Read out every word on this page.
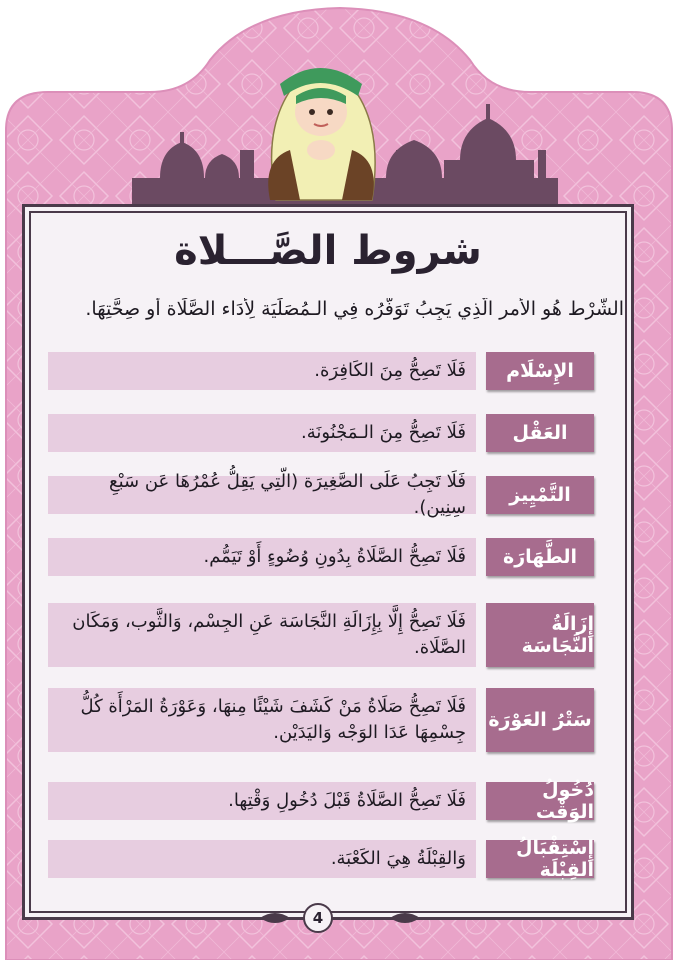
شروط الصَّـــلاة
الشَّرْط هُو الأَمر الّذِي يَجِبُ تَوَفُّرُه فِي الـمُصَلِّيَة لِأَدَاء الصَّلَاة أو صِحَّتِهَا.
الإِسْلَام
فَلَا تَصِحُّ مِنَ الكَافِرَة.
العَقْل
فَلَا تَصِحُّ مِنَ الـمَجْنُونَة.
التَّمْيِيز
فَلَا تَجِبُ عَلَى الصَّغِيرَة (الّتِي يَقِلُّ عُمْرُهَا عَن سَبْعِ سِنِين).
الطَّهَارَة
فَلَا تَصِحُّ الصَّلَاةُ بِدُونِ وُضُوءٍ أَوْ تَيَمُّم.
إِزَالَةُ النَّجَاسَة
فَلَا تَصِحُّ إِلَّا بِإِزَالَةِ النَّجَاسَة عَنِ الجِسْم، وَالثَّوب، وَمَكَان الصَّلَاة.
سَتْرُ العَوْرَة
فَلَا تَصِحُّ صَلَاةُ مَنْ كَشَفَ شَيْئًا مِنهَا، وَعَوْرَةُ المَرْأَة كُلُّ جِسْمِهَا عَدَا الوَجْه وَاليَدَيْن.
دُخُولُ الوَقْت
فَلَا تَصِحُّ الصَّلَاةُ قَبْلَ دُخُولِ وَقْتِها.
إِسْتِقْبَالُ القِبْلَة
وَالقِبْلَةُ هِيَ الكَعْبَة.
4
